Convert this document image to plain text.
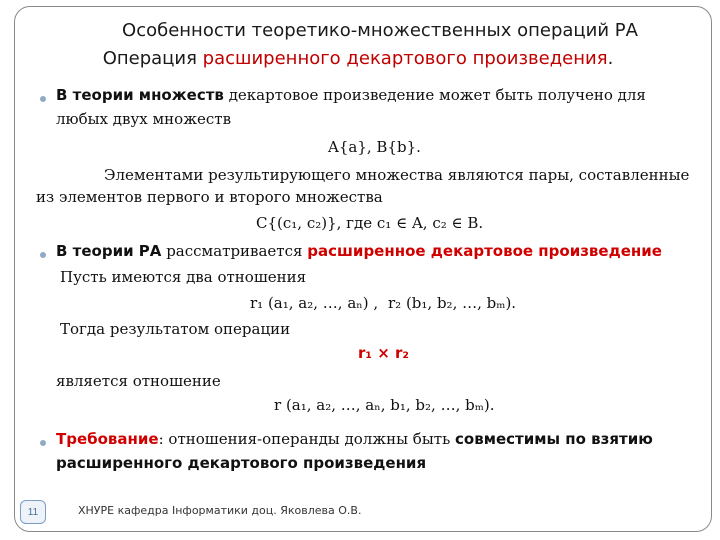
Особенности теоретико-множественных операций РА
Операция расширенного декартового произведения.
В теории множеств декартовое произведение может быть получено для
любых двух множеств
A{a}, B{b}.
Элементами результирующего множества являются пары, составленные
из элементов первого и второго множества
C{(c₁, c₂)}, где c₁ ∈ A, c₂ ∈ B.
В теории РА рассматривается расширенное декартовое произведение
Пусть имеются два отношения
r₁ (a₁, a₂, …, aₙ) , r₂ (b₁, b₂, …, bₘ).
Тогда результатом операции
r₁ × r₂
является отношение
r (a₁, a₂, …, aₙ, b₁, b₂, …, bₘ).
Требование: отношения-операнды должны быть совместимы по взятию
расширенного декартового произведения
11	ХНУРЕ кафедра Інформатики доц. Яковлева О.В.
